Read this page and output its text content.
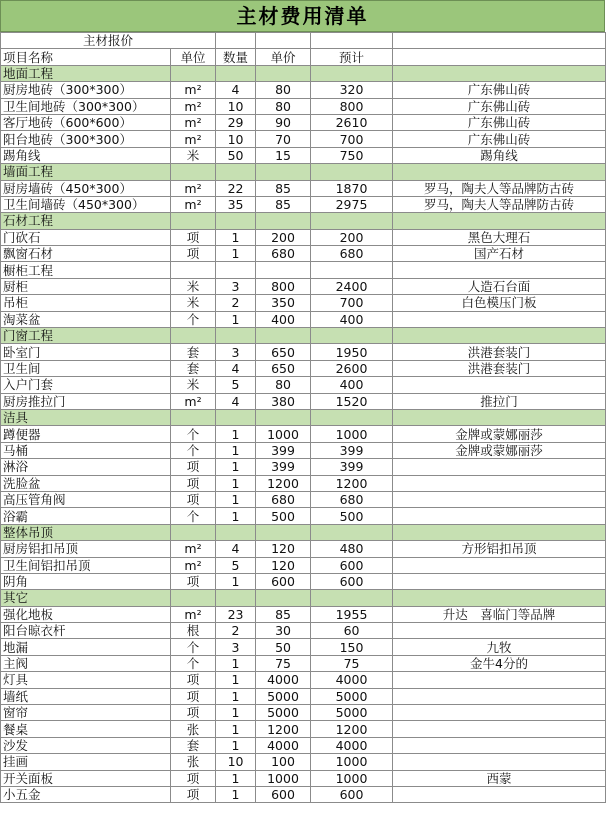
主材费用清单
主材报价					
项目名称	单位	数量	单价	预计	
地面工程					
厨房地砖（300*300）	m²	4	80	320	广东佛山砖
卫生间地砖（300*300）	m²	10	80	800	广东佛山砖
客厅地砖（600*600）	m²	29	90	2610	广东佛山砖
阳台地砖（300*300）	m²	10	70	700	广东佛山砖
踢角线	米	50	15	750	踢角线
墙面工程					
厨房墙砖（450*300）	m²	22	85	1870	罗马，陶夫人等品牌防古砖
卫生间墙砖（450*300）	m²	35	85	2975	罗马，陶夫人等品牌防古砖
石材工程					
门砍石	项	1	200	200	黑色大理石
飘窗石材	项	1	680	680	国产石材
橱柜工程					
厨柜	米	3	800	2400	人造石台面
吊柜	米	2	350	700	白色模压门板
淘菜盆	个	1	400	400	
门窗工程					
卧室门	套	3	650	1950	洪港套装门
卫生间	套	4	650	2600	洪港套装门
入户门套	米	5	80	400	
厨房推拉门	m²	4	380	1520	推拉门
洁具					
蹲便器	个	1	1000	1000	金牌或蒙娜丽莎
马桶	个	1	399	399	金牌或蒙娜丽莎
淋浴	项	1	399	399	
洗脸盆	项	1	1200	1200	
高压管角阀	项	1	680	680	
浴霸	个	1	500	500	
整体吊顶					
厨房铝扣吊顶	m²	4	120	480	方形铝扣吊顶
卫生间铝扣吊顶	m²	5	120	600	
阴角	项	1	600	600	
其它					
强化地板	m²	23	85	1955	升达　喜临门等品牌
阳台晾衣杆	根	2	30	60	
地漏	个	3	50	150	九牧
主阀	个	1	75	75	金牛4分的
灯具	项	1	4000	4000	
墙纸	项	1	5000	5000	
窗帘	项	1	5000	5000	
餐桌	张	1	1200	1200	
沙发	套	1	4000	4000	
挂画	张	10	100	1000	
开关面板	项	1	1000	1000	西蒙
小五金	项	1	600	600	
